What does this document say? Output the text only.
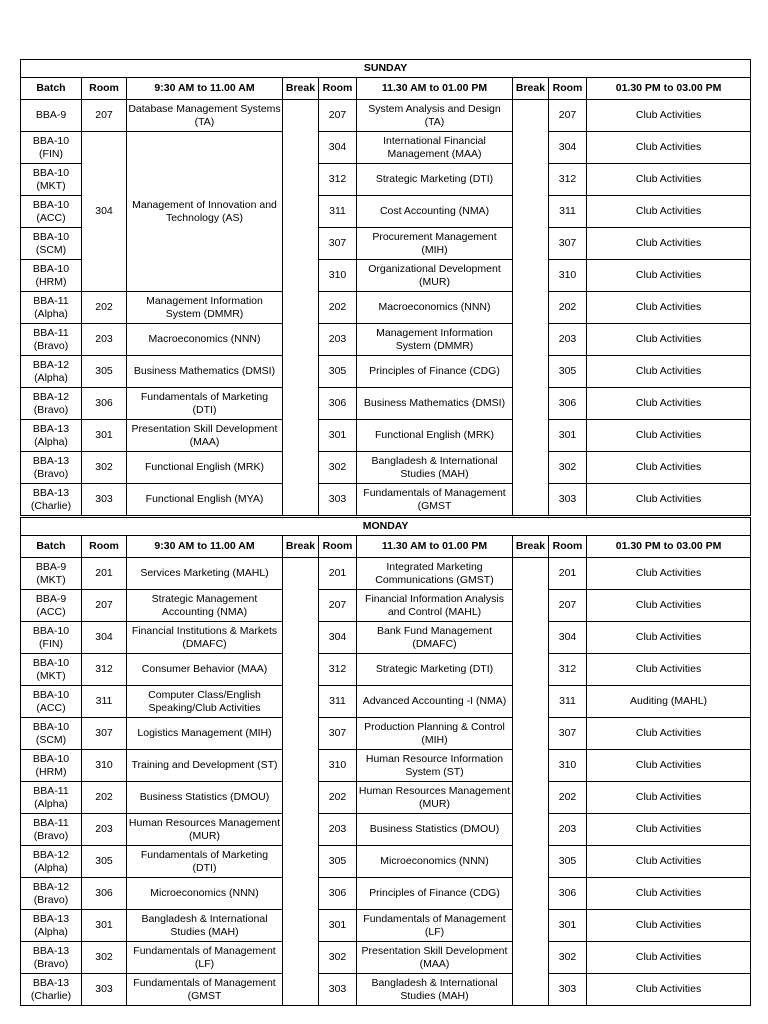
SUNDAY								
Batch	Room	9:30 AM to 11.00 AM	Break	Room	11.30 AM to 01.00 PM	Break	Room	01.30 PM to 03.00 PM
BBA-9	207	Database Management Systems (TA)		207	System Analysis and Design (TA)		207	Club Activities
BBA-10 (FIN)	304	Management of Innovation and Technology (AS)		304	International Financial Management (MAA)		304	Club Activities
BBA-10 (MKT)				312	Strategic Marketing (DTI)		312	Club Activities
BBA-10 (ACC)				311	Cost Accounting (NMA)		311	Club Activities
BBA-10 (SCM)				307	Procurement Management (MIH)		307	Club Activities
BBA-10 (HRM)				310	Organizational Development (MUR)		310	Club Activities
BBA-11 (Alpha)	202	Management Information System (DMMR)		202	Macroeconomics (NNN)		202	Club Activities
BBA-11 (Bravo)	203	Macroeconomics (NNN)		203	Management Information System (DMMR)		203	Club Activities
BBA-12 (Alpha)	305	Business Mathematics (DMSI)		305	Principles of Finance (CDG)		305	Club Activities
BBA-12 (Bravo)	306	Fundamentals of Marketing (DTI)		306	Business Mathematics (DMSI)		306	Club Activities
BBA-13 (Alpha)	301	Presentation Skill Development (MAA)		301	Functional English (MRK)		301	Club Activities
BBA-13 (Bravo)	302	Functional English (MRK)		302	Bangladesh & International Studies (MAH)		302	Club Activities
BBA-13 (Charlie)	303	Functional English (MYA)		303	Fundamentals of Management (GMST		303	Club Activities

MONDAY								
Batch	Room	9:30 AM to 11.00 AM	Break	Room	11.30 AM to 01.00 PM	Break	Room	01.30 PM to 03.00 PM
BBA-9 (MKT)	201	Services Marketing (MAHL)		201	Integrated Marketing Communications (GMST)		201	Club Activities
BBA-9 (ACC)	207	Strategic Management Accounting (NMA)		207	Financial Information Analysis and Control (MAHL)		207	Club Activities
BBA-10 (FIN)	304	Financial Institutions & Markets (DMAFC)		304	Bank Fund Management (DMAFC)		304	Club Activities
BBA-10 (MKT)	312	Consumer Behavior (MAA)		312	Strategic Marketing (DTI)		312	Club Activities
BBA-10 (ACC)	311	Computer Class/English Speaking/Club Activities		311	Advanced Accounting -I (NMA)		311	Auditing (MAHL)
BBA-10 (SCM)	307	Logistics Management (MIH)		307	Production Planning & Control (MIH)		307	Club Activities
BBA-10 (HRM)	310	Training and Development (ST)		310	Human Resource Information System (ST)		310	Club Activities
BBA-11 (Alpha)	202	Business Statistics (DMOU)		202	Human Resources Management (MUR)		202	Club Activities
BBA-11 (Bravo)	203	Human Resources Management (MUR)		203	Business Statistics (DMOU)		203	Club Activities
BBA-12 (Alpha)	305	Fundamentals of Marketing (DTI)		305	Microeconomics (NNN)		305	Club Activities
BBA-12 (Bravo)	306	Microeconomics (NNN)		306	Principles of Finance (CDG)		306	Club Activities
BBA-13 (Alpha)	301	Bangladesh & International Studies (MAH)		301	Fundamentals of Management (LF)		301	Club Activities
BBA-13 (Bravo)	302	Fundamentals of Management (LF)		302	Presentation Skill Development (MAA)		302	Club Activities
BBA-13 (Charlie)	303	Fundamentals of Management (GMST		303	Bangladesh & International Studies (MAH)		303	Club Activities
